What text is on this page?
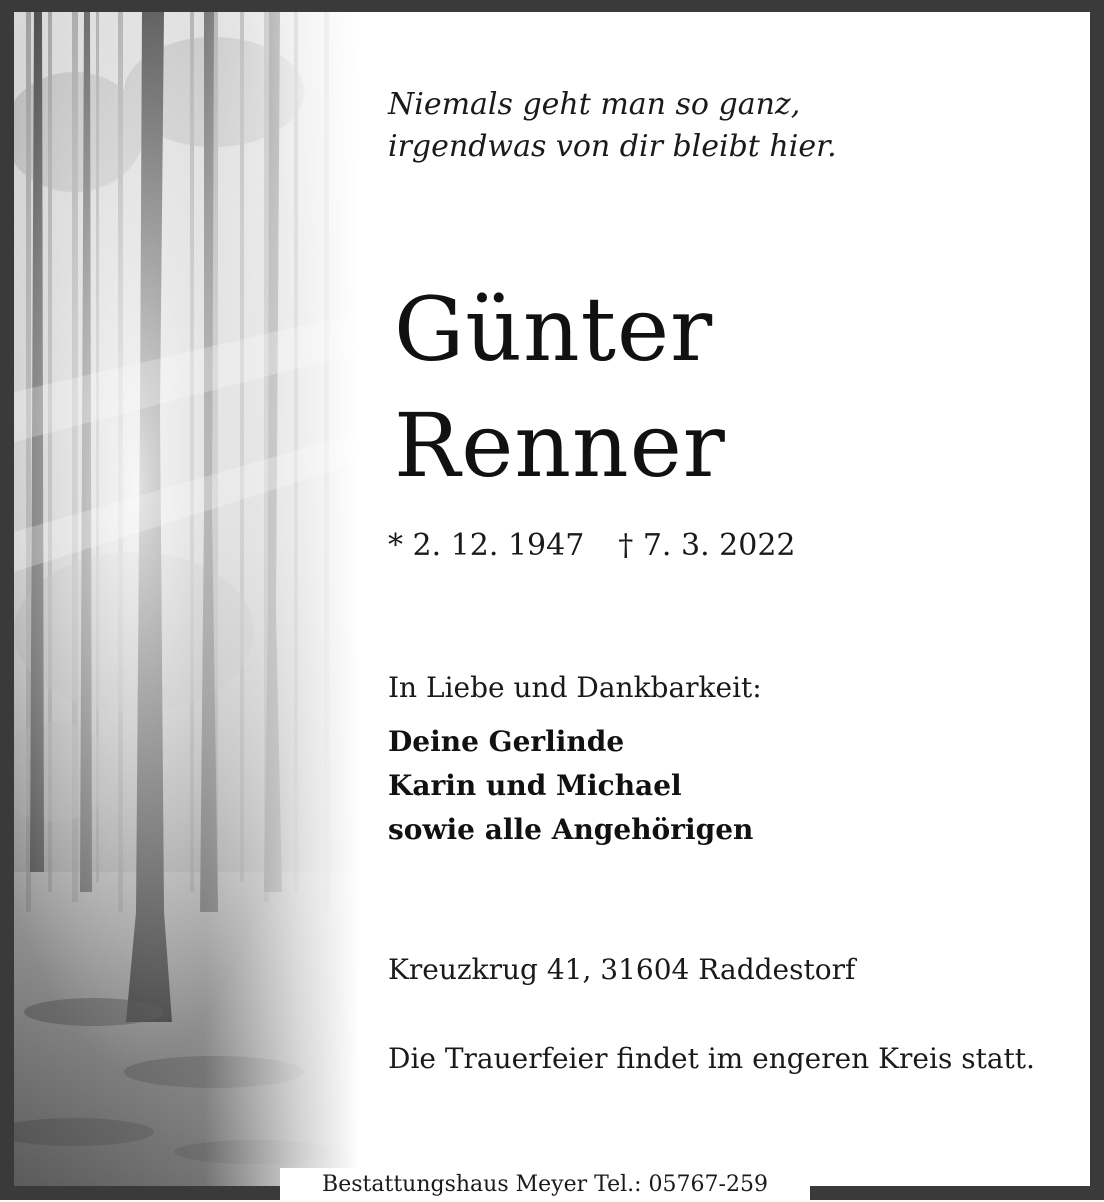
Niemals geht man so ganz,
irgendwas von dir bleibt hier.
Günter
Renner
* 2. 12. 1947 † 7. 3. 2022
In Liebe und Dankbarkeit:
Deine Gerlinde
Karin und Michael
sowie alle Angehörigen
Kreuzkrug 41, 31604 Raddestorf
Die Trauerfeier findet im engeren Kreis statt.
Bestattungshaus Meyer Tel.: 05767-259
